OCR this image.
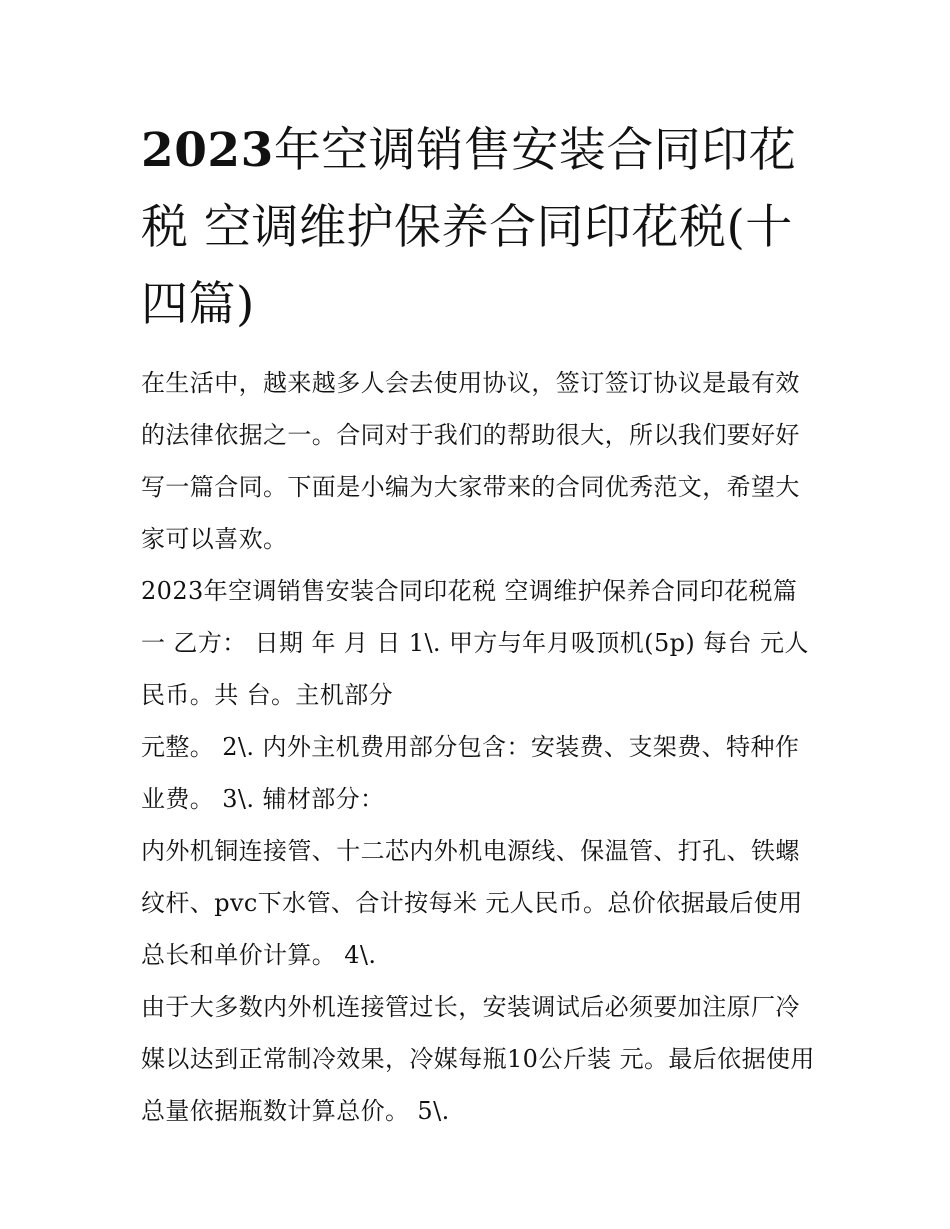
2023年空调销售安装合同印花税 空调维护保养合同印花税(十四篇)

在生活中，越来越多人会去使用协议，签订签订协议是最有效的法律依据之一。合同对于我们的帮助很大，所以我们要好好写一篇合同。下面是小编为大家带来的合同优秀范文，希望大家可以喜欢。

2023年空调销售安装合同印花税 空调维护保养合同印花税篇一 乙方： 日期 年 月 日 1\. 甲方与年月吸顶机(5p) 每台 元人民币。共 台。主机部分

元整。 2\. 内外主机费用部分包含：安装费、支架费、特种作业费。 3\. 辅材部分：

内外机铜连接管、十二芯内外机电源线、保温管、打孔、铁螺纹杆、pvc下水管、合计按每米 元人民币。总价依据最后使用总长和单价计算。 4\.

由于大多数内外机连接管过长，安装调试后必须要加注原厂冷媒以达到正常制冷效果，冷媒每瓶10公斤装 元。最后依据使用总量依据瓶数计算总价。 5\.
